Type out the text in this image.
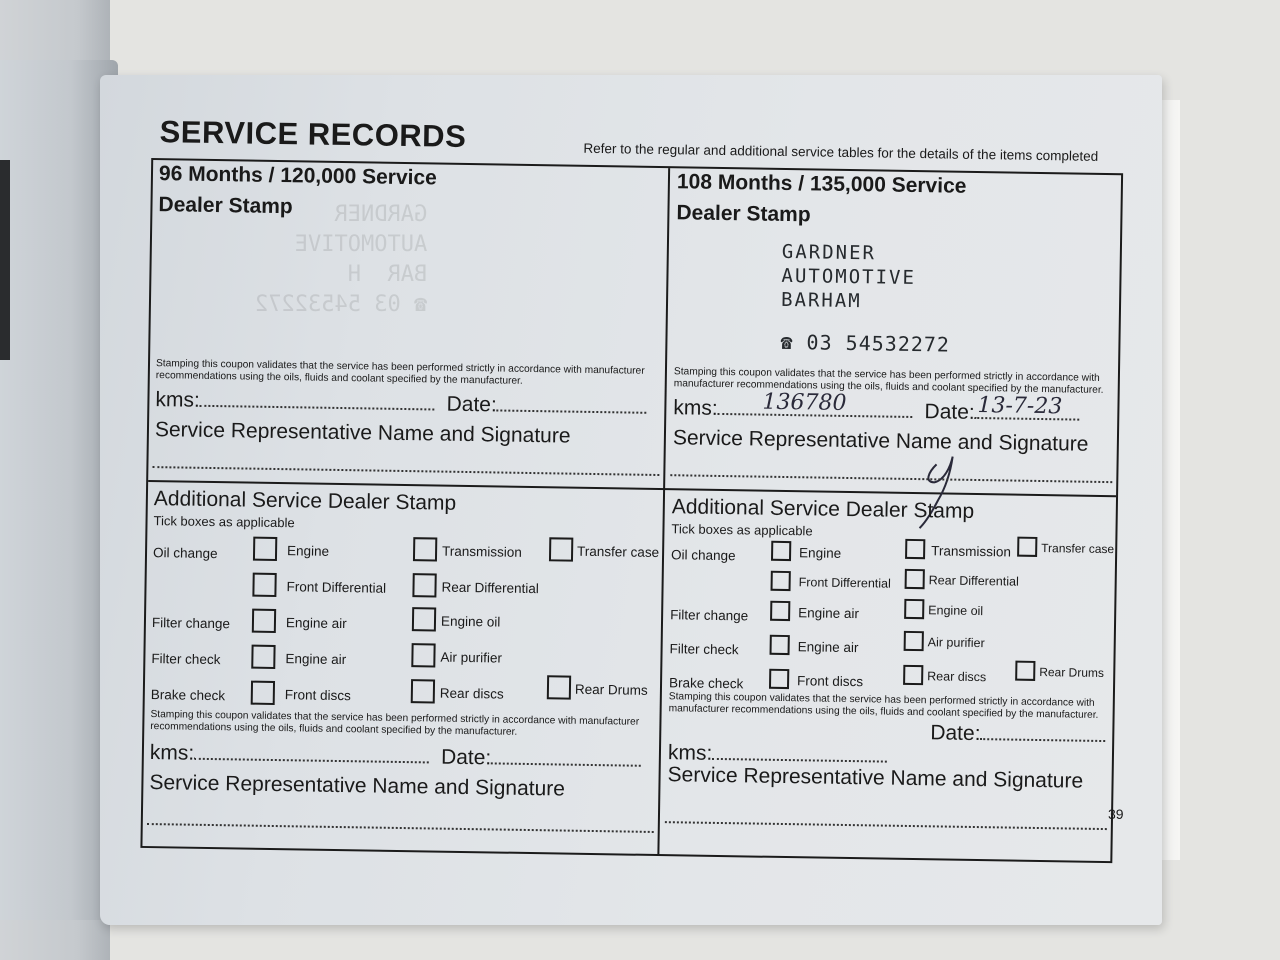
GARDNER
AUTOMOTIVE
BAR  H
☎ 03 54532272
SERVICE RECORDS	Refer to the regular and additional service tables for the details of the items completed
96 Months / 120,000 Service
Dealer Stamp
Stamping this coupon validates that the service has been performed strictly in accordance with manufacturer recommendations using the oils, fluids and coolant specified by the manufacturer.
kms:	Date:
Service Representative Name and Signature
108 Months / 135,000 Service
Dealer Stamp
GARDNER
AUTOMOTIVE
BARHAM
☎ 03 54532272
Stamping this coupon validates that the service has been performed strictly in accordance with manufacturer recommendations using the oils, fluids and coolant specified by the manufacturer.
kms:	Date:
136780	13-7-23
Service Representative Name and Signature
Additional Service Dealer Stamp
Tick boxes as applicable
Oil change	Engine	Transmission	Transfer case
Front Differential	Rear Differential
Filter change	Engine air	Engine oil
Filter check	Engine air	Air purifier
Brake check	Front discs	Rear discs	Rear Drums
Stamping this coupon validates that the service has been performed strictly in accordance with manufacturer recommendations using the oils, fluids and coolant specified by the manufacturer.
kms:	Date:
Service Representative Name and Signature
Additional Service Dealer Stamp
Tick boxes as applicable
Oil change	Engine	Transmission	Transfer case
Front Differential	Rear Differential
Filter change	Engine air	Engine oil
Filter check	Engine air	Air purifier
Brake check	Front discs	Rear discs	Rear Drums
Stamping this coupon validates that the service has been performed strictly in accordance with manufacturer recommendations using the oils, fluids and coolant specified by the manufacturer.
Date:
kms:
Service Representative Name and Signature
39
